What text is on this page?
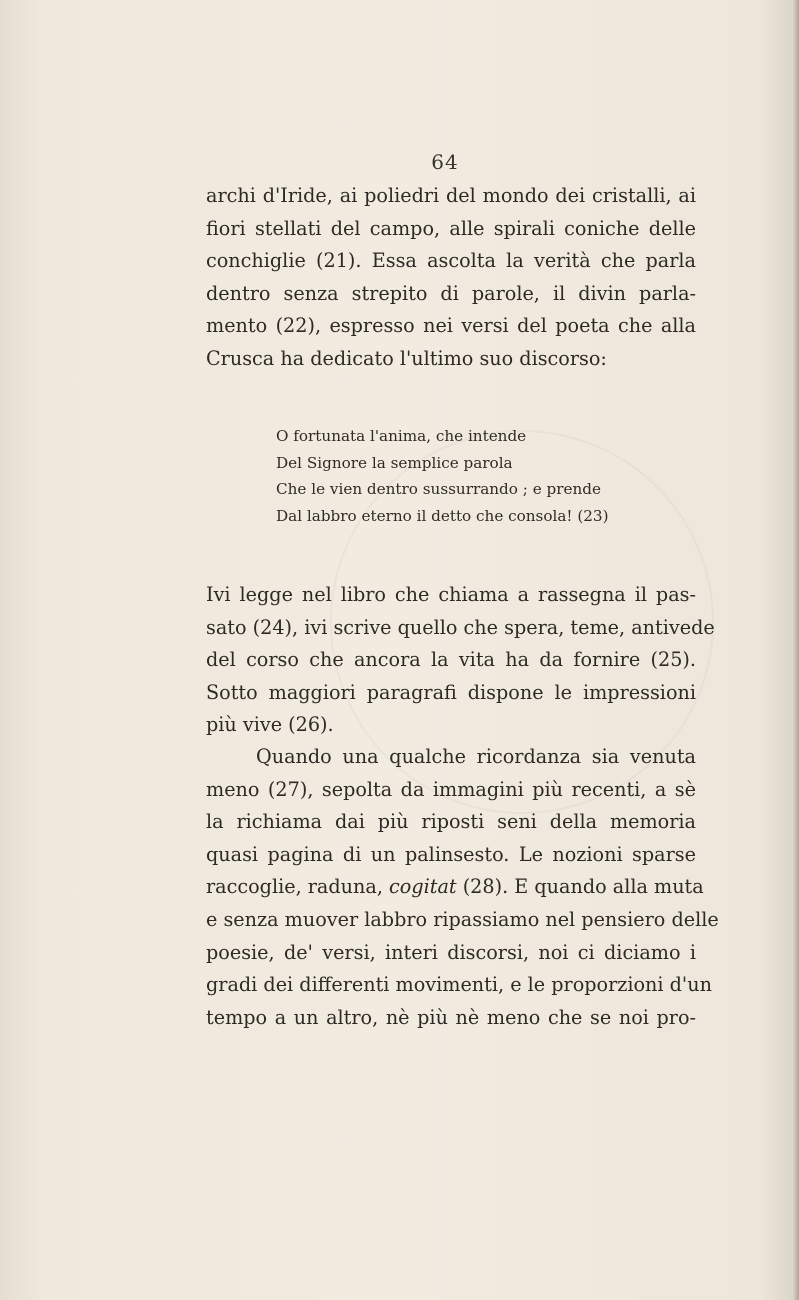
64
archi d'Iride, ai poliedri del mondo dei cristalli, ai
fiori stellati del campo, alle spirali coniche delle
conchiglie (21). Essa ascolta la verità che parla
dentro senza strepito di parole, il divin parla-
mento (22), espresso nei versi del poeta che alla
Crusca ha dedicato l'ultimo suo discorso:
O fortunata l'anima, che intende
Del Signore la semplice parola
Che le vien dentro sussurrando ; e prende
Dal labbro eterno il detto che consola! (23)
Ivi legge nel libro che chiama a rassegna il pas-
sato (24), ivi scrive quello che spera, teme, antivede
del corso che ancora la vita ha da fornire (25).
Sotto maggiori paragrafi dispone le impressioni
più vive (26).
Quando una qualche ricordanza sia venuta
meno (27), sepolta da immagini più recenti, a sè
la richiama dai più riposti seni della memoria
quasi pagina di un palinsesto. Le nozioni sparse
raccoglie, raduna, cogitat (28). E quando alla muta
e senza muover labbro ripassiamo nel pensiero delle
poesie, de' versi, interi discorsi, noi ci diciamo i
gradi dei differenti movimenti, e le proporzioni d'un
tempo a un altro, nè più nè meno che se noi pro-
